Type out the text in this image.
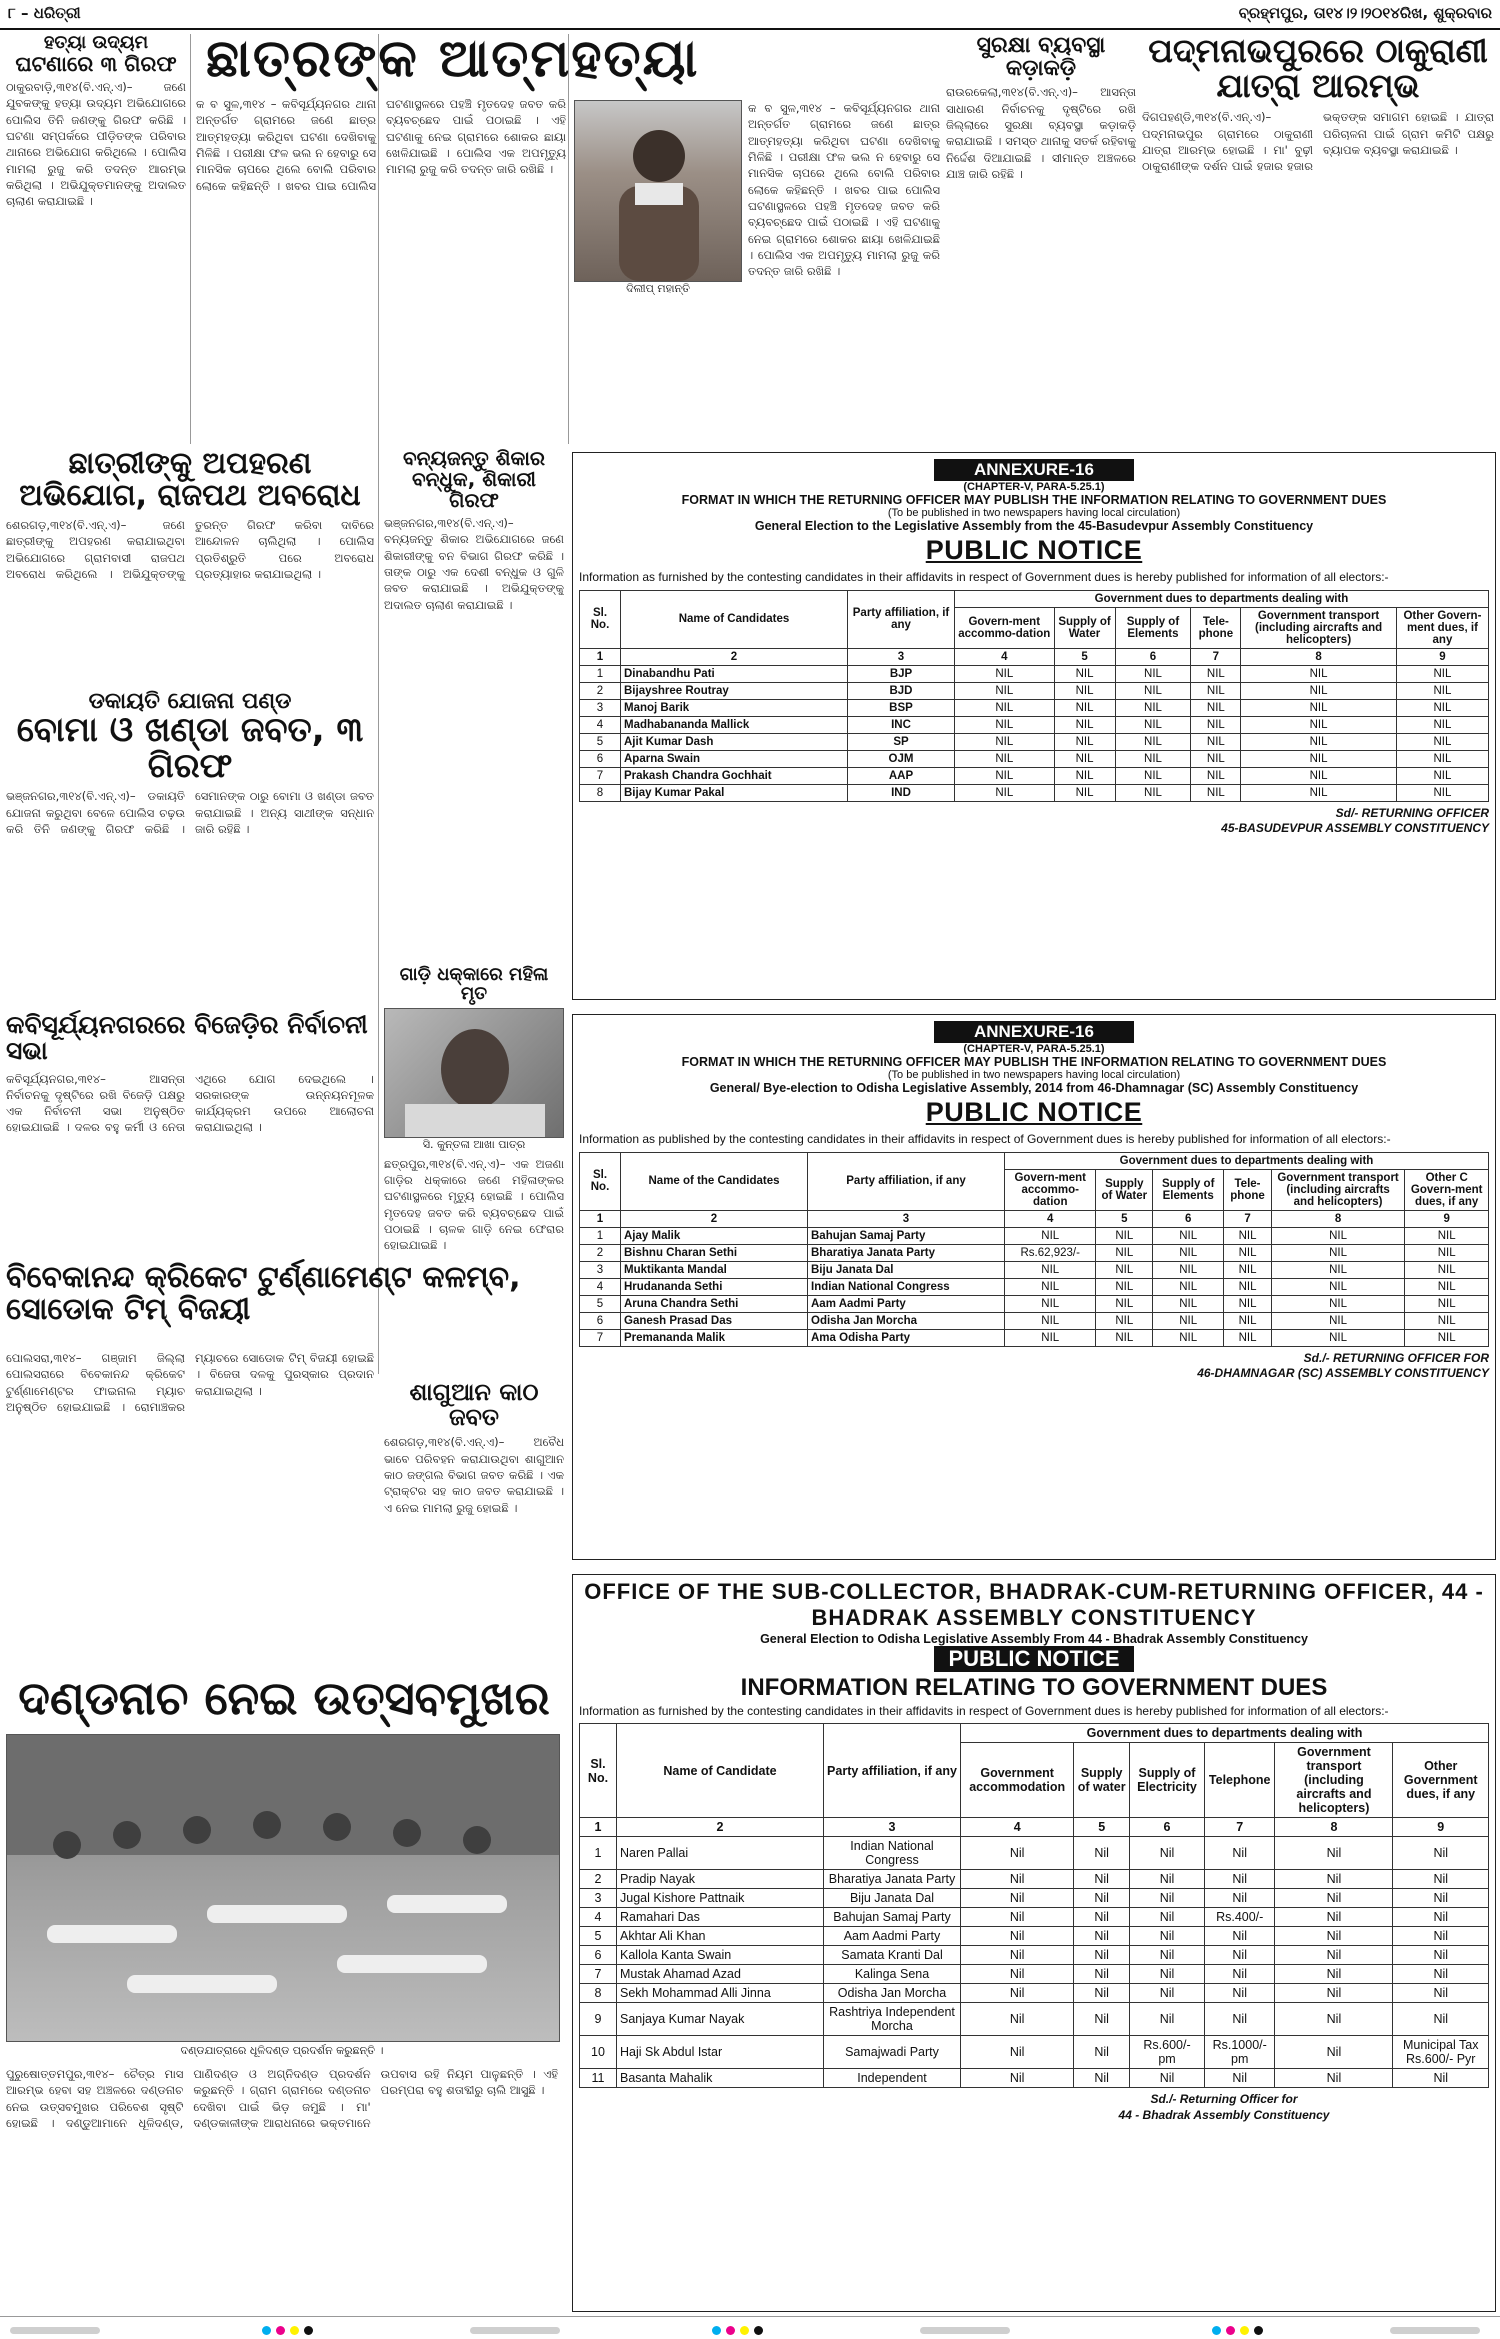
୮ – ଧରିତ୍ରୀ	ବ୍ରହ୍ମପୁର, ତା୧୪।୨।୨୦୧୪ରିଖ, ଶୁକ୍ରବାର
ହତ୍ୟା ଉଦ୍ୟମ
ଘଟଣାରେ ୩ ଗିରଫ
ଠାକୁରବାଡ଼ି,୩୧୪(ବି.ଏନ୍.ଏ)– ଜଣେ ଯୁବକଙ୍କୁ ହତ୍ୟା ଉଦ୍ୟମ ଅଭିଯୋଗରେ ପୋଲିସ ତିନି ଜଣଙ୍କୁ ଗିରଫ କରିଛି । ଘଟଣା ସମ୍ପର୍କରେ ପୀଡ଼ିତଙ୍କ ପରିବାର ଥାନାରେ ଅଭିଯୋଗ କରିଥିଲେ । ପୋଲିସ ମାମଲା ରୁଜୁ କରି ତଦନ୍ତ ଆରମ୍ଭ କରିଥିଲା । ଅଭିଯୁକ୍ତମାନଙ୍କୁ ଅଦାଲତ ଚାଲାଣ କରାଯାଇଛି ।
ଛାତ୍ରଙ୍କ ଆତ୍ମହତ୍ୟା
କ ବ ସୁଳ,୩୧୪ – କବିସୂର୍ଯ୍ୟନଗର ଥାନା ଅନ୍ତର୍ଗତ ଗ୍ରାମରେ ଜଣେ ଛାତ୍ର ଆତ୍ମହତ୍ୟା କରିଥିବା ଘଟଣା ଦେଖିବାକୁ ମିଳିଛି । ପରୀକ୍ଷା ଫଳ ଭଲ ନ ହେବାରୁ ସେ ମାନସିକ ଚାପରେ ଥିଲେ ବୋଲି ପରିବାର ଲୋକେ କହିଛନ୍ତି । ଖବର ପାଇ ପୋଲିସ ଘଟଣାସ୍ଥଳରେ ପହଞ୍ଚି ମୃତଦେହ ଜବତ କରି ବ୍ୟବଚ୍ଛେଦ ପାଇଁ ପଠାଇଛି । ଏହି ଘଟଣାକୁ ନେଇ ଗ୍ରାମରେ ଶୋକର ଛାୟା ଖେଳିଯାଇଛି । ପୋଲିସ ଏକ ଅପମୃତ୍ୟୁ ମାମଲା ରୁଜୁ କରି ତଦନ୍ତ ଜାରି ରଖିଛି ।
ଦିଲୀପ୍ ମହାନ୍ତି
କ ବ ସୁଳ,୩୧୪ – କବିସୂର୍ଯ୍ୟନଗର ଥାନା ଅନ୍ତର୍ଗତ ଗ୍ରାମରେ ଜଣେ ଛାତ୍ର ଆତ୍ମହତ୍ୟା କରିଥିବା ଘଟଣା ଦେଖିବାକୁ ମିଳିଛି । ପରୀକ୍ଷା ଫଳ ଭଲ ନ ହେବାରୁ ସେ ମାନସିକ ଚାପରେ ଥିଲେ ବୋଲି ପରିବାର ଲୋକେ କହିଛନ୍ତି । ଖବର ପାଇ ପୋଲିସ ଘଟଣାସ୍ଥଳରେ ପହଞ୍ଚି ମୃତଦେହ ଜବତ କରି ବ୍ୟବଚ୍ଛେଦ ପାଇଁ ପଠାଇଛି । ଏହି ଘଟଣାକୁ ନେଇ ଗ୍ରାମରେ ଶୋକର ଛାୟା ଖେଳିଯାଇଛି । ପୋଲିସ ଏକ ଅପମୃତ୍ୟୁ ମାମଲା ରୁଜୁ କରି ତଦନ୍ତ ଜାରି ରଖିଛି ।
ସୁରକ୍ଷା ବ୍ୟବସ୍ଥା କଡ଼ାକଡ଼ି
ରାଉରକେଲା,୩୧୪(ବି.ଏନ୍.ଏ)– ଆସନ୍ତା ସାଧାରଣ ନିର୍ବାଚନକୁ ଦୃଷ୍ଟିରେ ରଖି ଜିଲ୍ଲାରେ ସୁରକ୍ଷା ବ୍ୟବସ୍ଥା କଡ଼ାକଡ଼ି କରାଯାଇଛି । ସମସ୍ତ ଥାନାକୁ ସତର୍କ ରହିବାକୁ ନିର୍ଦ୍ଦେଶ ଦିଆଯାଇଛି । ସୀମାନ୍ତ ଅଞ୍ଚଳରେ ଯାଞ୍ଚ ଜାରି ରହିଛି ।
ପଦ୍ମନାଭପୁରରେ ଠାକୁରାଣୀ ଯାତ୍ରା ଆରମ୍ଭ
ଦିଗପହଣ୍ଡି,୩୧୪(ବି.ଏନ୍.ଏ)– ପଦ୍ମନାଭପୁର ଗ୍ରାମରେ ଠାକୁରାଣୀ ଯାତ୍ରା ଆରମ୍ଭ ହୋଇଛି । ମା' ବୁଢ଼ୀ ଠାକୁରାଣୀଙ୍କ ଦର୍ଶନ ପାଇଁ ହଜାର ହଜାର ଭକ୍ତଙ୍କ ସମାଗମ ହୋଇଛି । ଯାତ୍ରା ପରିଚାଳନା ପାଇଁ ଗ୍ରାମ କମିଟି ପକ୍ଷରୁ ବ୍ୟାପକ ବ୍ୟବସ୍ଥା କରାଯାଇଛି ।
ଛାତ୍ରୀଙ୍କୁ ଅପହରଣ ଅଭିଯୋଗ, ରାଜପଥ ଅବରୋଧ
ଶେରଗଡ଼,୩୧୪(ବି.ଏନ୍.ଏ)– ଜଣେ ଛାତ୍ରୀଙ୍କୁ ଅପହରଣ କରାଯାଇଥିବା ଅଭିଯୋଗରେ ଗ୍ରାମବାସୀ ରାଜପଥ ଅବରୋଧ କରିଥିଲେ । ଅଭିଯୁକ୍ତଙ୍କୁ ତୁରନ୍ତ ଗିରଫ କରିବା ଦାବିରେ ଆନ୍ଦୋଳନ ଚାଲିଥିଲା । ପୋଲିସ ପ୍ରତିଶ୍ରୁତି ପରେ ଅବରୋଧ ପ୍ରତ୍ୟାହାର କରାଯାଇଥିଲା ।
ବନ୍ୟଜନ୍ତୁ ଶିକାର ବନ୍ଧୁକ, ଶିକାରୀ ଗିରଫ
ଭଞ୍ଜନଗର,୩୧୪(ବି.ଏନ୍.ଏ)– ବନ୍ୟଜନ୍ତୁ ଶିକାର ଅଭିଯୋଗରେ ଜଣେ ଶିକାରୀଙ୍କୁ ବନ ବିଭାଗ ଗିରଫ କରିଛି । ତାଙ୍କ ଠାରୁ ଏକ ଦେଶୀ ବନ୍ଧୁକ ଓ ଗୁଳି ଜବତ କରାଯାଇଛି । ଅଭିଯୁକ୍ତଙ୍କୁ ଅଦାଲତ ଚାଲାଣ କରାଯାଇଛି ।
ଡକାୟତି ଯୋଜନା ପଣ୍ଡ
ବୋମା ଓ ଖଣ୍ଡା ଜବତ, ୩ ଗିରଫ
ଭଞ୍ଜନଗର,୩୧୪(ବି.ଏନ୍.ଏ)– ଡକାୟତି ଯୋଜନା କରୁଥିବା ବେଳେ ପୋଲିସ ଚଢ଼ଉ କରି ତିନି ଜଣଙ୍କୁ ଗିରଫ କରିଛି । ସେମାନଙ୍କ ଠାରୁ ବୋମା ଓ ଖଣ୍ଡା ଜବତ କରାଯାଇଛି । ଅନ୍ୟ ସାଥୀଙ୍କ ସନ୍ଧାନ ଜାରି ରହିଛି ।
ଗାଡ଼ି ଧକ୍କାରେ ମହିଳା ମୃତ
ସି. କୁନ୍ତଳା ଆଖା ପାତ୍ର
ଛତ୍ରପୁର,୩୧୪(ବି.ଏନ୍.ଏ)– ଏକ ଅଜଣା ଗାଡ଼ିର ଧକ୍କାରେ ଜଣେ ମହିଳାଙ୍କର ଘଟଣାସ୍ଥଳରେ ମୃତ୍ୟୁ ହୋଇଛି । ପୋଲିସ ମୃତଦେହ ଜବତ କରି ବ୍ୟବଚ୍ଛେଦ ପାଇଁ ପଠାଇଛି । ଚାଳକ ଗାଡ଼ି ନେଇ ଫେରାର ହୋଇଯାଇଛି ।
କବିସୂର୍ଯ୍ୟନଗରରେ ବିଜେଡ଼ିର ନିର୍ବାଚନୀ ସଭା
କବିସୂର୍ଯ୍ୟନଗର,୩୧୪– ଆସନ୍ତା ନିର୍ବାଚନକୁ ଦୃଷ୍ଟିରେ ରଖି ବିଜେଡ଼ି ପକ୍ଷରୁ ଏକ ନିର୍ବାଚନୀ ସଭା ଅନୁଷ୍ଠିତ ହୋଇଯାଇଛି । ଦଳର ବହୁ କର୍ମୀ ଓ ନେତା ଏଥିରେ ଯୋଗ ଦେଇଥିଲେ । ସରକାରଙ୍କ ଉନ୍ନୟନମୂଳକ କାର୍ଯ୍ୟକ୍ରମ ଉପରେ ଆଲୋଚନା କରାଯାଇଥିଲା ।
ବିବେକାନନ୍ଦ କ୍ରିକେଟ ଟୁର୍ଣ୍ଣାମେଣ୍ଟ କଳମ୍ବ, ସୋଡୋକ ଟିମ୍ ବିଜୟୀ
ପୋଲସରା,୩୧୪– ଗଞ୍ଜାମ ଜିଲ୍ଲା ପୋଲସରାରେ ବିବେକାନନ୍ଦ କ୍ରିକେଟ ଟୁର୍ଣ୍ଣାମେଣ୍ଟର ଫାଇନାଲ ମ୍ୟାଚ ଅନୁଷ୍ଠିତ ହୋଇଯାଇଛି । ରୋମାଞ୍ଚକର ମ୍ୟାଚରେ ସୋଡୋକ ଟିମ୍ ବିଜୟୀ ହୋଇଛି । ବିଜେତା ଦଳକୁ ପୁରସ୍କାର ପ୍ରଦାନ କରାଯାଇଥିଲା ।	ଶାଗୁଆନ କାଠ ଜବତ
ଶେରଗଡ଼,୩୧୪(ବି.ଏନ୍.ଏ)– ଅବୈଧ ଭାବେ ପରିବହନ କରାଯାଉଥିବା ଶାଗୁଆନ କାଠ ଜଙ୍ଗଲ ବିଭାଗ ଜବତ କରିଛି । ଏକ ଟ୍ରାକ୍ଟର ସହ କାଠ ଜବତ କରାଯାଇଛି । ଏ ନେଇ ମାମଲା ରୁଜୁ ହୋଇଛି ।
ଦଣ୍ଡନାଚ ନେଇ ଉତ୍ସବମୁଖର
ଦଣ୍ଡଯାତ୍ରାରେ ଧୂଳିଦଣ୍ଡ ପ୍ରଦର୍ଶନ କରୁଛନ୍ତି ।
ପୁରୁଷୋତ୍ତମପୁର,୩୧୪– ଚୈତ୍ର ମାସ ଆରମ୍ଭ ହେବା ସହ ଅଞ୍ଚଳରେ ଦଣ୍ଡନାଚ ନେଇ ଉତ୍ସବମୁଖର ପରିବେଶ ସୃଷ୍ଟି ହୋଇଛି । ଦଣ୍ଡୁଆମାନେ ଧୂଳିଦଣ୍ଡ, ପାଣିଦଣ୍ଡ ଓ ଅଗ୍ନିଦଣ୍ଡ ପ୍ରଦର୍ଶନ କରୁଛନ୍ତି । ଗ୍ରାମ ଗ୍ରାମରେ ଦଣ୍ଡନାଚ ଦେଖିବା ପାଇଁ ଭିଡ଼ ଜମୁଛି । ମା' ଦଣ୍ଡକାଳୀଙ୍କ ଆରାଧନାରେ ଭକ୍ତମାନେ ଉପବାସ ରହି ନିୟମ ପାଳୁଛନ୍ତି । ଏହି ପରମ୍ପରା ବହୁ ଶତାବ୍ଦୀରୁ ଚାଲି ଆସୁଛି ।
ANNEXURE-16
(CHAPTER-V, PARA-5.25.1)
FORMAT IN WHICH THE RETURNING OFFICER MAY PUBLISH THE INFORMATION RELATING TO GOVERNMENT DUES
(To be published in two newspapers having local circulation)
General Election to the Legislative Assembly from the 45-Basudevpur Assembly Constituency
PUBLIC NOTICE
Information as furnished by the contesting candidates in their affidavits in respect of Government dues is hereby published for information of all electors:-
Sl. No.	Name of Candidates	Party affiliation, if any	Government dues to departments dealing with					
			Govern-ment accommo-dation	Supply of Water	Supply of Elements	Tele-phone	Government transport (including aircrafts and helicopters)	Other Govern-ment dues, if any
1	2	3	4	5	6	7	8	9
1	Dinabandhu Pati	BJP	NIL	NIL	NIL	NIL	NIL	NIL
2	Bijayshree Routray	BJD	NIL	NIL	NIL	NIL	NIL	NIL
3	Manoj Barik	BSP	NIL	NIL	NIL	NIL	NIL	NIL
4	Madhabananda Mallick	INC	NIL	NIL	NIL	NIL	NIL	NIL
5	Ajit Kumar Dash	SP	NIL	NIL	NIL	NIL	NIL	NIL
6	Aparna Swain	OJM	NIL	NIL	NIL	NIL	NIL	NIL
7	Prakash Chandra Gochhait	AAP	NIL	NIL	NIL	NIL	NIL	NIL
8	Bijay Kumar Pakal	IND	NIL	NIL	NIL	NIL	NIL	NIL
Sd/- RETURNING OFFICER
45-BASUDEVPUR ASSEMBLY CONSTITUENCY
ANNEXURE-16
(CHAPTER-V, PARA-5.25.1)
FORMAT IN WHICH THE RETURNING OFFICER MAY PUBLISH THE INFORMATION RELATING TO GOVERNMENT DUES
(To be published in two newspapers having local circulation)
General/ Bye-election to Odisha Legislative Assembly, 2014 from 46-Dhamnagar (SC) Assembly Constituency
PUBLIC NOTICE
Information as published by the contesting candidates in their affidavits in respect of Government dues is hereby published for information of all electors:-
Sl. No.	Name of the Candidates	Party affiliation, if any	Government dues to departments dealing with					
			Govern-ment accommo-dation	Supply of Water	Supply of Elements	Tele-phone	Government transport (including aircrafts and helicopters)	Other C Govern-ment dues, if any
1	2	3	4	5	6	7	8	9
1	Ajay Malik	Bahujan Samaj Party	NIL	NIL	NIL	NIL	NIL	NIL
2	Bishnu Charan Sethi	Bharatiya Janata Party	Rs.62,923/-	NIL	NIL	NIL	NIL	NIL
3	Muktikanta Mandal	Biju Janata Dal	NIL	NIL	NIL	NIL	NIL	NIL
4	Hrudananda Sethi	Indian National Congress	NIL	NIL	NIL	NIL	NIL	NIL
5	Aruna Chandra Sethi	Aam Aadmi Party	NIL	NIL	NIL	NIL	NIL	NIL
6	Ganesh Prasad Das	Odisha Jan Morcha	NIL	NIL	NIL	NIL	NIL	NIL
7	Premananda Malik	Ama Odisha Party	NIL	NIL	NIL	NIL	NIL	NIL
Sd./- RETURNING OFFICER FOR
46-DHAMNAGAR (SC) ASSEMBLY CONSTITUENCY
OFFICE OF THE SUB-COLLECTOR, BHADRAK-CUM-RETURNING OFFICER, 44 - BHADRAK ASSEMBLY CONSTITUENCY
General Election to Odisha Legislative Assembly From 44 - Bhadrak Assembly Constituency
PUBLIC NOTICE
INFORMATION RELATING TO GOVERNMENT DUES
Information as furnished by the contesting candidates in their affidavits in respect of Government dues is hereby published for information of all electors:-
Sl. No.	Name of Candidate	Party affiliation, if any	Government dues to departments dealing with					
			Government accommodation	Supply of water	Supply of Electricity	Telephone	Government transport (including aircrafts and helicopters)	Other Government dues, if any
1	2	3	4	5	6	7	8	9
1	Naren Pallai	Indian National Congress	Nil	Nil	Nil	Nil	Nil	Nil
2	Pradip Nayak	Bharatiya Janata Party	Nil	Nil	Nil	Nil	Nil	Nil
3	Jugal Kishore Pattnaik	Biju Janata Dal	Nil	Nil	Nil	Nil	Nil	Nil
4	Ramahari Das	Bahujan Samaj Party	Nil	Nil	Nil	Rs.400/-	Nil	Nil
5	Akhtar Ali Khan	Aam Aadmi Party	Nil	Nil	Nil	Nil	Nil	Nil
6	Kallola Kanta Swain	Samata Kranti Dal	Nil	Nil	Nil	Nil	Nil	Nil
7	Mustak Ahamad Azad	Kalinga Sena	Nil	Nil	Nil	Nil	Nil	Nil
8	Sekh Mohammad Alli Jinna	Odisha Jan Morcha	Nil	Nil	Nil	Nil	Nil	Nil
9	Sanjaya Kumar Nayak	Rashtriya Independent Morcha	Nil	Nil	Nil	Nil	Nil	Nil
10	Haji Sk Abdul Istar	Samajwadi Party	Nil	Nil	Rs.600/- pm	Rs.1000/- pm	Nil	Municipal Tax Rs.600/- Pyr
11	Basanta Mahalik	Independent	Nil	Nil	Nil	Nil	Nil	Nil
Sd./- Returning Officer for
44 - Bhadrak Assembly Constituency
